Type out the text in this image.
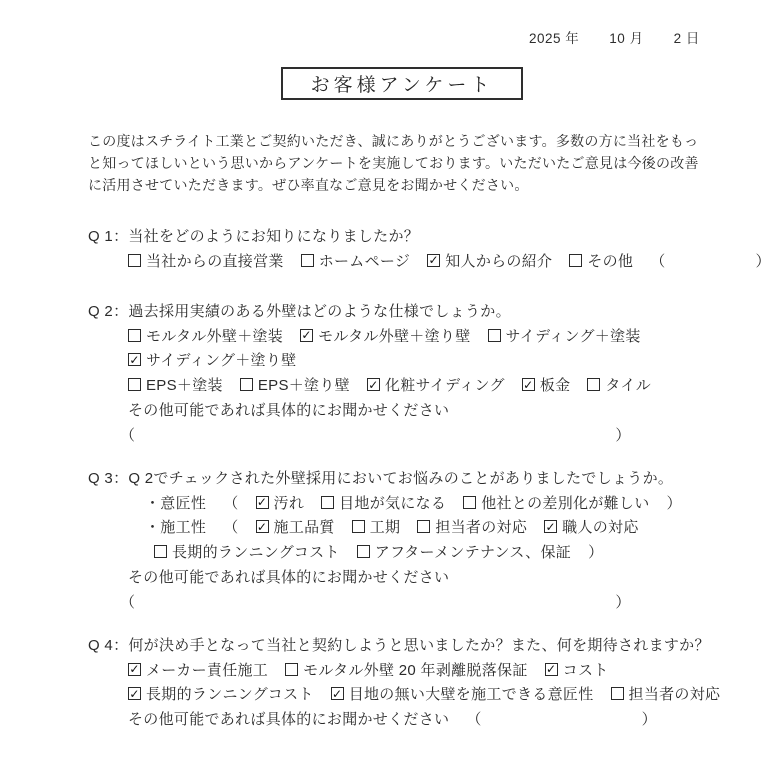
2025 年 10 月 2 日
お客様アンケート
この度はスチライト工業とご契約いただき、誠にありがとうございます。多数の方に当社をもっ
と知ってほしいという思いからアンケートを実施しております。いただいたご意見は今後の改善
に活用させていただきます。ぜひ率直なご意見をお聞かせください。
Q 1：当社をどのようにお知りになりましたか？
当社からの直接営業 ホームページ ✓ 知人からの紹介 その他 （	）
Q 2：過去採用実績のある外壁はどのような仕様でしょうか。
モルタル外壁＋塗装 ✓ モルタル外壁＋塗り壁 サイディング＋塗装
✓ サイディング＋塗り壁
EPS＋塗装 EPS＋塗り壁 ✓ 化粧サイディング ✓ 板金 タイル
その他可能であれば具体的にお聞かせください
（	）
Q 3：Q 2でチェックされた外壁採用においてお悩みのことがありましたでしょうか。
・意匠性 （ ✓ 汚れ 目地が気になる 他社との差別化が難しい ）
・施工性 （ ✓ 施工品質 工期 担当者の対応 ✓ 職人の対応
長期的ランニングコスト アフターメンテナンス、保証 ）
その他可能であれば具体的にお聞かせください
（	）
Q 4：何が決め手となって当社と契約しようと思いましたか？また、何を期待されますか？
✓ メーカー責任施工 モルタル外壁 20 年剥離脱落保証 ✓ コスト
✓ 長期的ランニングコスト ✓ 目地の無い大壁を施工できる意匠性 担当者の対応
その他可能であれば具体的にお聞かせください （	）
